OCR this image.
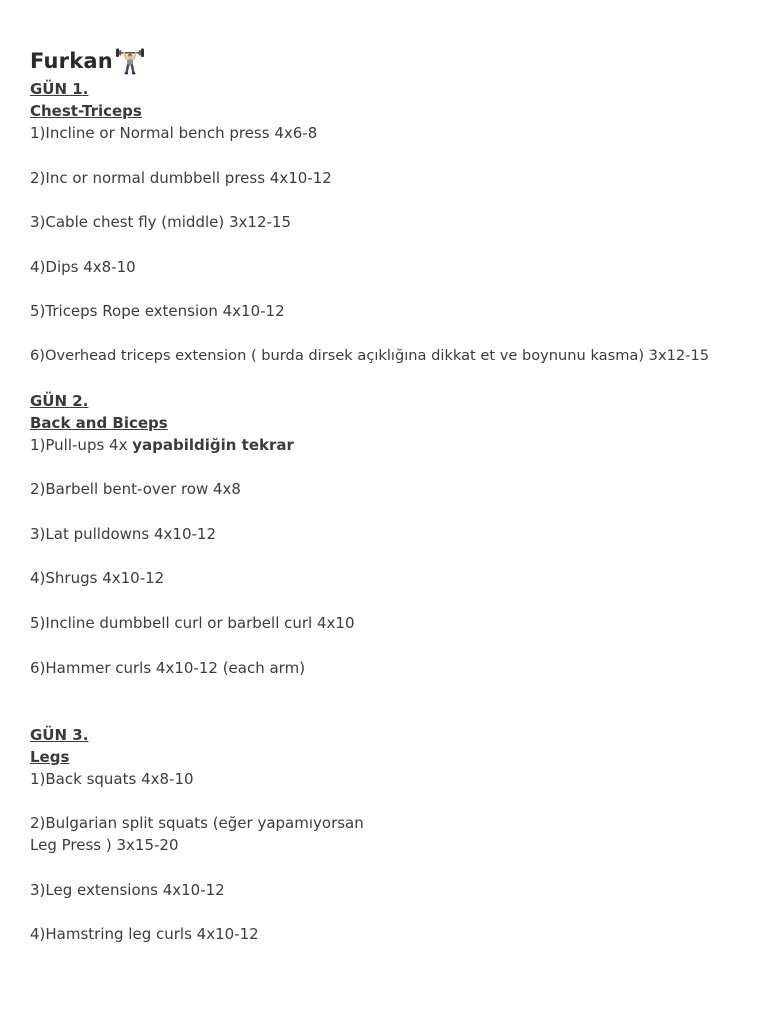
Furkan
GÜN 1.
Chest-Triceps
1)Incline or Normal bench press 4x6-8
2)Inc or normal dumbbell press 4x10-12
3)Cable chest fly (middle) 3x12-15
4)Dips 4x8-10
5)Triceps Rope extension 4x10-12
6)Overhead triceps extension ( burda dirsek açıklığına dikkat et ve boynunu kasma) 3x12-15
GÜN 2.
Back and Biceps
1)Pull-ups 4x yapabildiğin tekrar
2)Barbell bent-over row 4x8
3)Lat pulldowns 4x10-12
4)Shrugs 4x10-12
5)Incline dumbbell curl or barbell curl 4x10
6)Hammer curls 4x10-12 (each arm)
GÜN 3.
Legs
1)Back squats 4x8-10
2)Bulgarian split squats (eğer yapamıyorsan
Leg Press ) 3x15-20
3)Leg extensions 4x10-12
4)Hamstring leg curls 4x10-12
